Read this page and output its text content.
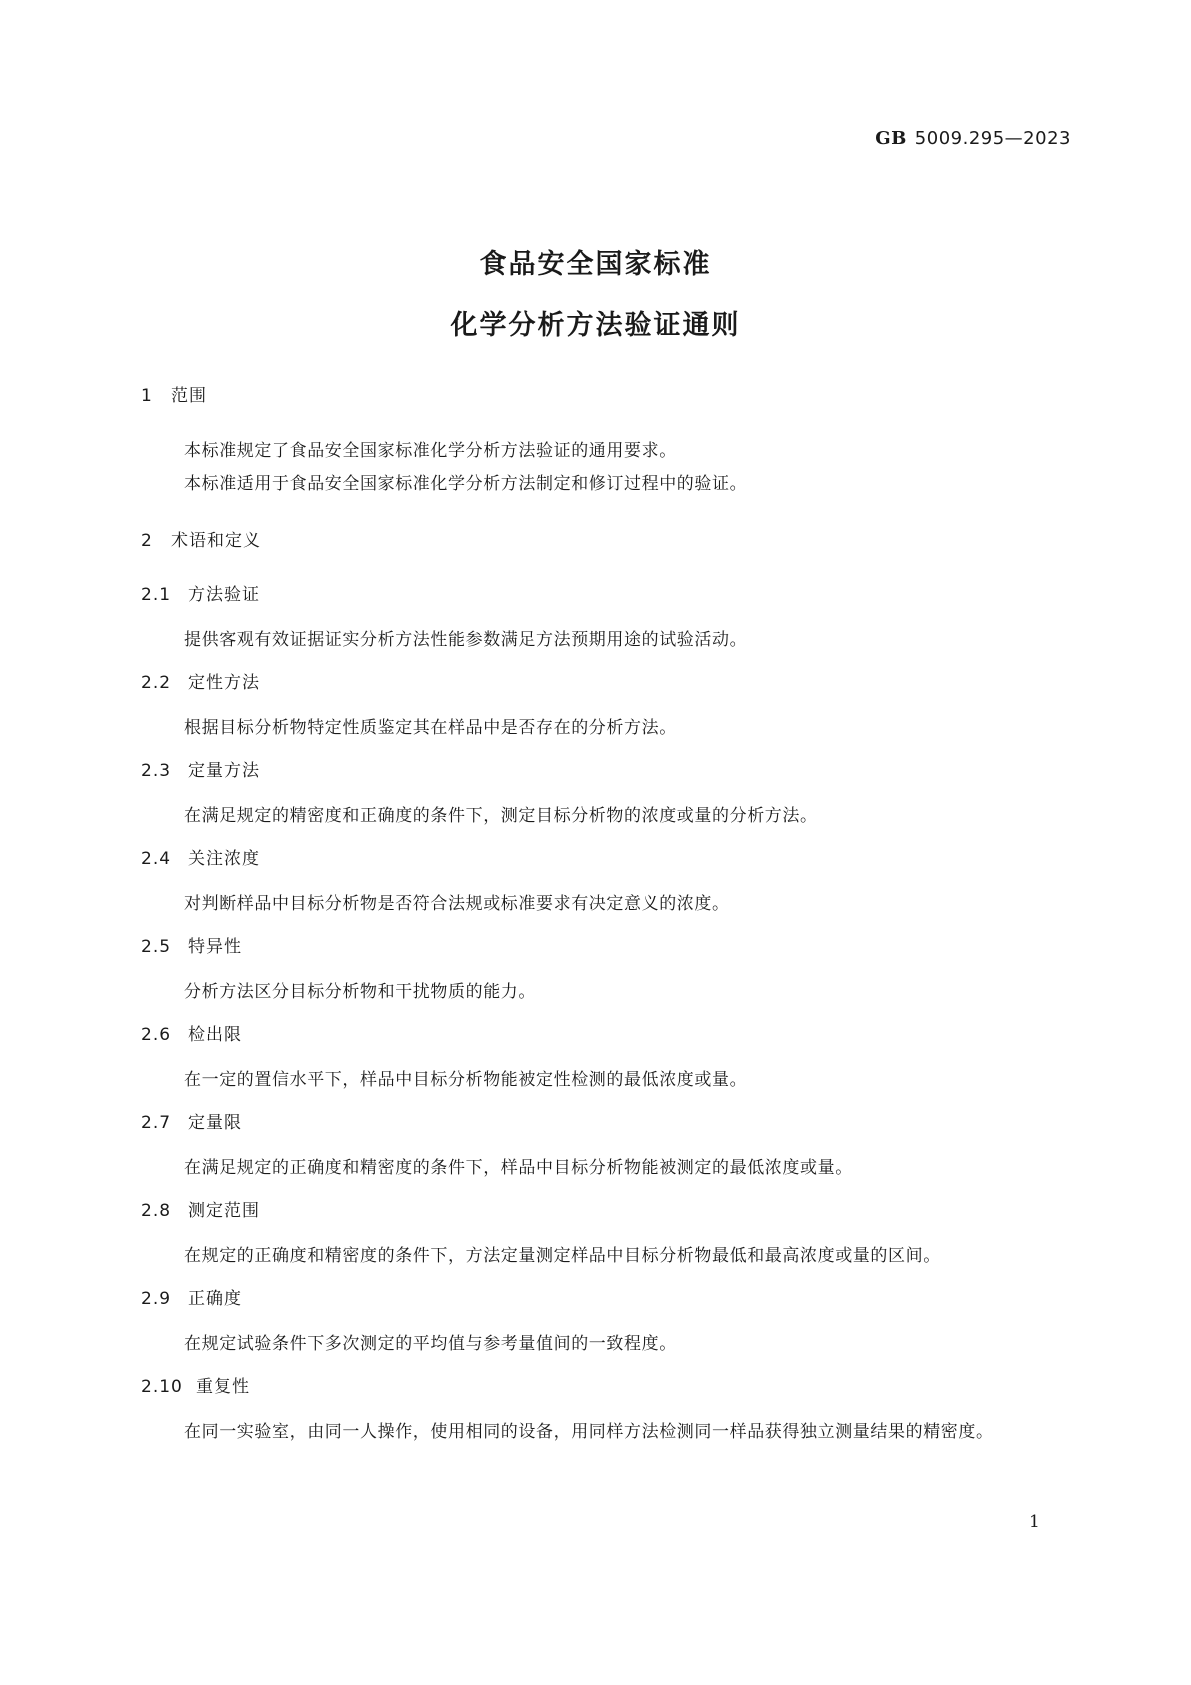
GB 5009.295—2023
食品安全国家标准
化学分析方法验证通则
1 范围
本标准规定了食品安全国家标准化学分析方法验证的通用要求。
本标准适用于食品安全国家标准化学分析方法制定和修订过程中的验证。
2 术语和定义
2.1 方法验证
提供客观有效证据证实分析方法性能参数满足方法预期用途的试验活动。
2.2 定性方法
根据目标分析物特定性质鉴定其在样品中是否存在的分析方法。
2.3 定量方法
在满足规定的精密度和正确度的条件下，测定目标分析物的浓度或量的分析方法。
2.4 关注浓度
对判断样品中目标分析物是否符合法规或标准要求有决定意义的浓度。
2.5 特异性
分析方法区分目标分析物和干扰物质的能力。
2.6 检出限
在一定的置信水平下，样品中目标分析物能被定性检测的最低浓度或量。
2.7 定量限
在满足规定的正确度和精密度的条件下，样品中目标分析物能被测定的最低浓度或量。
2.8 测定范围
在规定的正确度和精密度的条件下，方法定量测定样品中目标分析物最低和最高浓度或量的区间。
2.9 正确度
在规定试验条件下多次测定的平均值与参考量值间的一致程度。
2.10 重复性
在同一实验室，由同一人操作，使用相同的设备，用同样方法检测同一样品获得独立测量结果的精密度。
1
